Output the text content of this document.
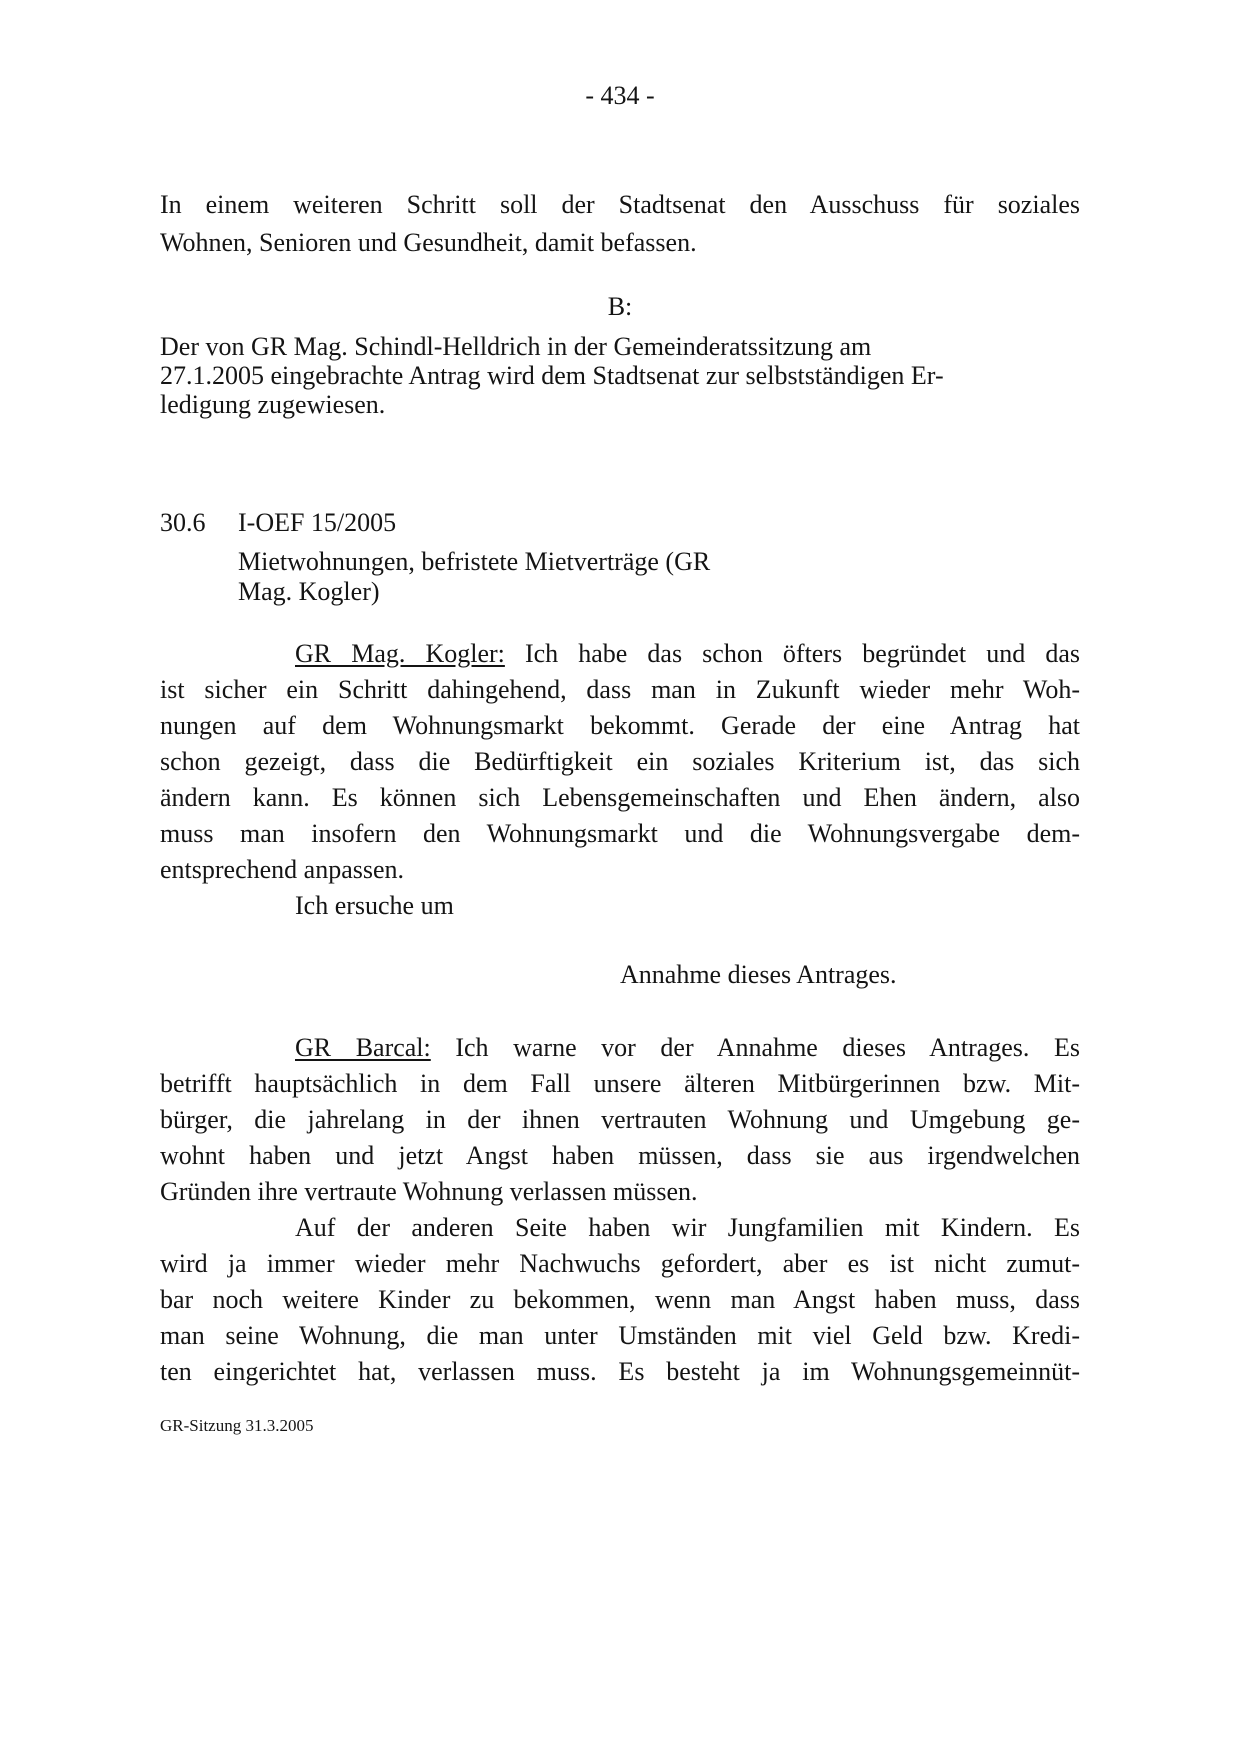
- 434 -
In einem weiteren Schritt soll der Stadtsenat den Ausschuss für soziales
Wohnen, Senioren und Gesundheit, damit befassen.
B:
Der von GR Mag. Schindl-Helldrich in der Gemeinderatssitzung am
27.1.2005 eingebrachte Antrag wird dem Stadtsenat zur selbstständigen Er-
ledigung zugewiesen.
30.6 I-OEF 15/2005
Mietwohnungen, befristete Mietverträge (GR
Mag. Kogler)
GR Mag. Kogler: Ich habe das schon öfters begründet und das
ist sicher ein Schritt dahingehend, dass man in Zukunft wieder mehr Woh-
nungen auf dem Wohnungsmarkt bekommt. Gerade der eine Antrag hat
schon gezeigt, dass die Bedürftigkeit ein soziales Kriterium ist, das sich
ändern kann. Es können sich Lebensgemeinschaften und Ehen ändern, also
muss man insofern den Wohnungsmarkt und die Wohnungsvergabe dem-
entsprechend anpassen.
Ich ersuche um
Annahme dieses Antrages.
GR Barcal: Ich warne vor der Annahme dieses Antrages. Es
betrifft hauptsächlich in dem Fall unsere älteren Mitbürgerinnen bzw. Mit-
bürger, die jahrelang in der ihnen vertrauten Wohnung und Umgebung ge-
wohnt haben und jetzt Angst haben müssen, dass sie aus irgendwelchen
Gründen ihre vertraute Wohnung verlassen müssen.
Auf der anderen Seite haben wir Jungfamilien mit Kindern. Es
wird ja immer wieder mehr Nachwuchs gefordert, aber es ist nicht zumut-
bar noch weitere Kinder zu bekommen, wenn man Angst haben muss, dass
man seine Wohnung, die man unter Umständen mit viel Geld bzw. Kredi-
ten eingerichtet hat, verlassen muss. Es besteht ja im Wohnungsgemeinnüt-
GR-Sitzung 31.3.2005
